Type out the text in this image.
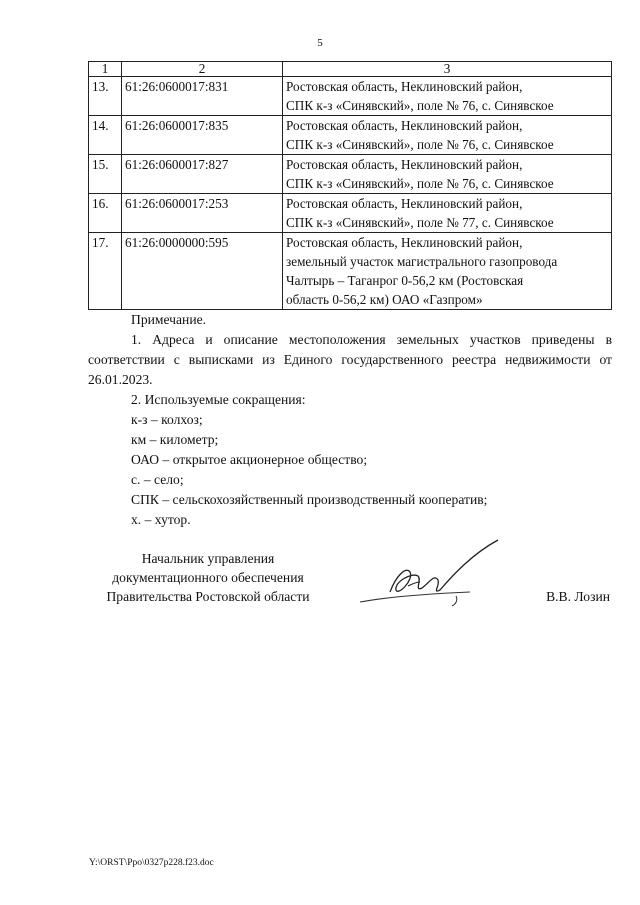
5
1	2	3
13.	61:26:0600017:831	Ростовская область, Неклиновский район,
СПК к-з «Синявский», поле № 76, с. Синявское

14.	61:26:0600017:835	Ростовская область, Неклиновский район,
СПК к-з «Синявский», поле № 76, с. Синявское

15.	61:26:0600017:827	Ростовская область, Неклиновский район,
СПК к-з «Синявский», поле № 76, с. Синявское

16.	61:26:0600017:253	Ростовская область, Неклиновский район,
СПК к-з «Синявский», поле № 77, с. Синявское

17.	61:26:0000000:595	Ростовская область, Неклиновский район,
земельный участок магистрального газопровода
Чалтырь – Таганрог 0-56,2 км (Ростовская
область 0-56,2 км) ОАО «Газпром»
Примечание.
1. Адреса и описание местоположения земельных участков приведены в соответствии с выписками из Единого государственного реестра недвижимости от 26.01.2023.
2. Используемые сокращения:
к-з – колхоз;
км – километр;
ОАО – открытое акционерное общество;
с. – село;
СПК – сельскохозяйственный производственный кооператив;
х. – хутор.
Начальник управления
документационного обеспечения
Правительства Ростовской области	В.В. Лозин
Y:\ORST\Ppo\0327p228.f23.doc
